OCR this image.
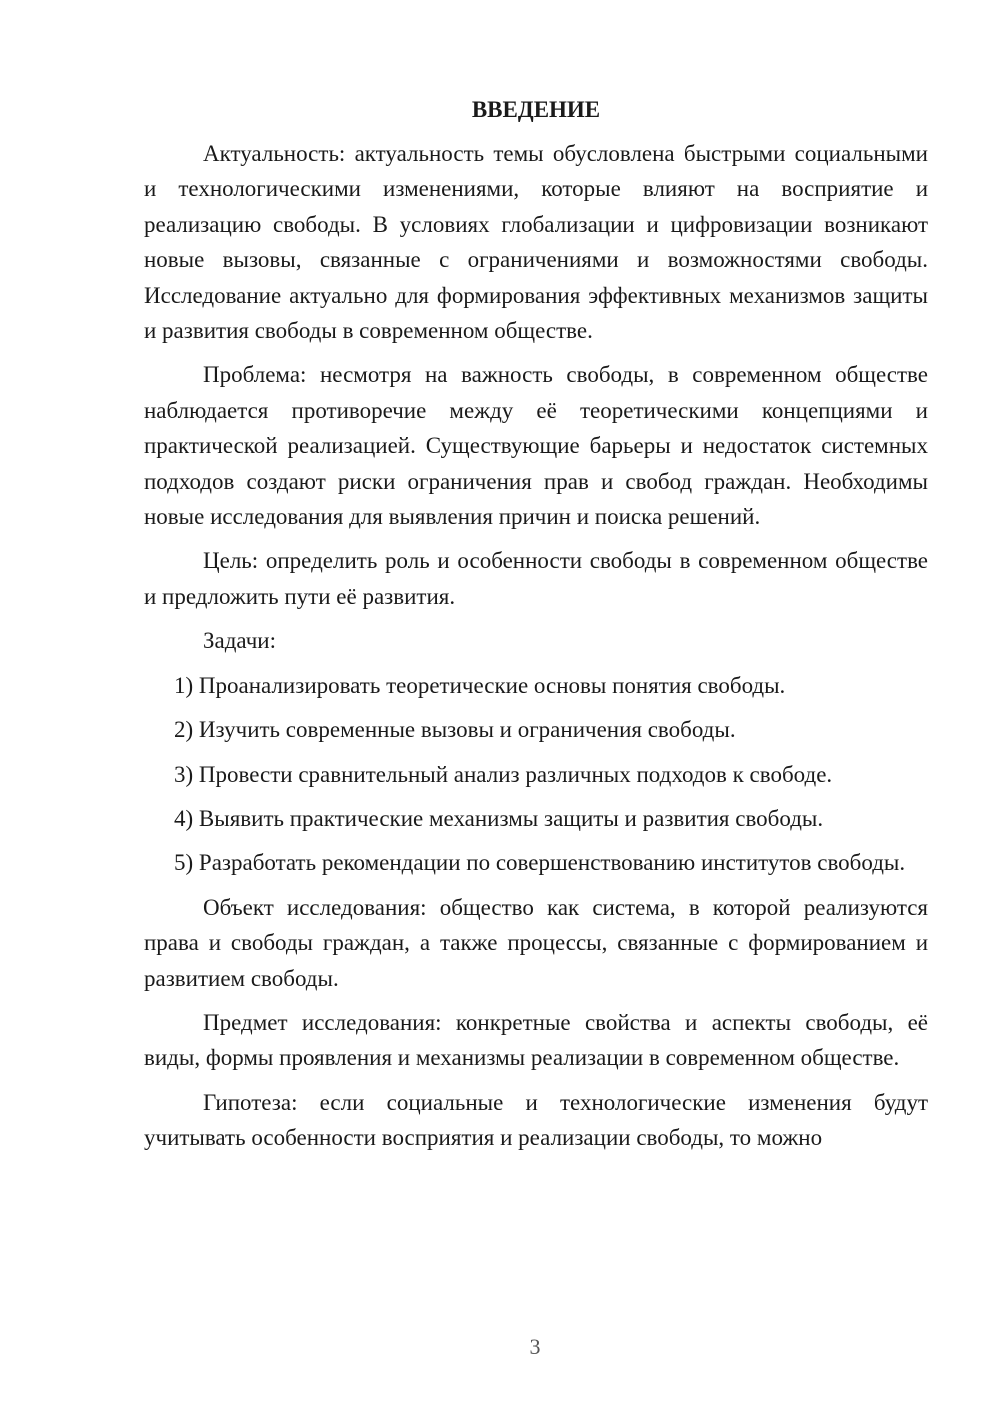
ВВЕДЕНИЕ

Актуальность: актуальность темы обусловлена быстрыми социальными и технологическими изменениями, которые влияют на восприятие и реализацию свободы. В условиях глобализации и цифровизации возникают новые вызовы, связанные с ограничениями и возможностями свободы. Исследование актуально для формирования эффективных механизмов защиты и развития свободы в современном обществе.

Проблема: несмотря на важность свободы, в современном обществе наблюдается противоречие между её теоретическими концепциями и практической реализацией. Существующие барьеры и недостаток системных подходов создают риски ограничения прав и свобод граждан. Необходимы новые исследования для выявления причин и поиска решений.

Цель: определить роль и особенности свободы в современном обществе и предложить пути её развития.

Задачи:

1) Проанализировать теоретические основы понятия свободы.

2) Изучить современные вызовы и ограничения свободы.

3) Провести сравнительный анализ различных подходов к свободе.

4) Выявить практические механизмы защиты и развития свободы.

5) Разработать рекомендации по совершенствованию институтов свободы.

Объект исследования: общество как система, в которой реализуются права и свободы граждан, а также процессы, связанные с формированием и развитием свободы.

Предмет исследования: конкретные свойства и аспекты свободы, её виды, формы проявления и механизмы реализации в современном обществе.

Гипотеза: если социальные и технологические изменения будут учитывать особенности восприятия и реализации свободы, то можно

3
